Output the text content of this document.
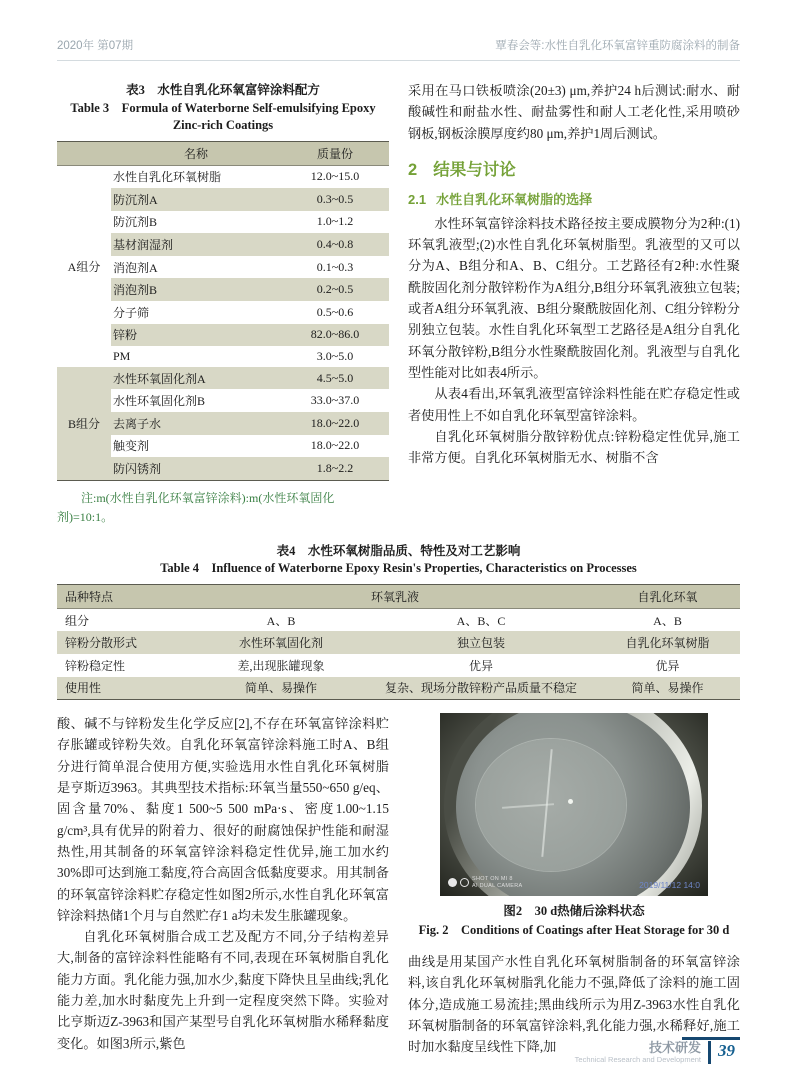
2020年 第07期	覃春会等:水性自乳化环氧富锌重防腐涂料的制备
表3　水性自乳化环氧富锌涂料配方
Table 3　Formula of Waterborne Self-emulsifying Epoxy
Zinc-rich Coatings
	名称	质量份
A组分	水性自乳化环氧树脂	12.0~15.0
	防沉剂A	0.3~0.5
	防沉剂B	1.0~1.2
	基材润湿剂	0.4~0.8
	消泡剂A	0.1~0.3
	消泡剂B	0.2~0.5
	分子筛	0.5~0.6
	锌粉	82.0~86.0
	PM	3.0~5.0
B组分	水性环氧固化剂A	4.5~5.0
	水性环氧固化剂B	33.0~37.0
	去离子水	18.0~22.0
	触变剂	18.0~22.0
	防闪锈剂	1.8~2.2

注:m(水性自乳化环氧富锌涂料):m(水性环氧固化剂)=10:1。

采用在马口铁板喷涂(20±3) μm,养护24 h后测试:耐水、耐酸碱性和耐盐水性、耐盐雾性和耐人工老化性,采用喷砂钢板,钢板涂膜厚度约80 μm,养护1周后测试。

2 结果与讨论
2.1 水性自乳化环氧树脂的选择

水性环氧富锌涂料技术路径按主要成膜物分为2种:(1)环氧乳液型;(2)水性自乳化环氧树脂型。乳液型的又可以分为A、B组分和A、B、C组分。工艺路径有2种:水性聚酰胺固化剂分散锌粉作为A组分,B组分环氧乳液独立包装;或者A组分环氧乳液、B组分聚酰胺固化剂、C组分锌粉分别独立包装。水性自乳化环氧型工艺路径是A组分自乳化环氧分散锌粉,B组分水性聚酰胺固化剂。乳液型与自乳化型性能对比如表4所示。

从表4看出,环氧乳液型富锌涂料性能在贮存稳定性或者使用性上不如自乳化环氧型富锌涂料。

自乳化环氧树脂分散锌粉优点:锌粉稳定性优异,施工非常方便。自乳化环氧树脂无水、树脂不含

表4　水性环氧树脂品质、特性及对工艺影响
Table 4　Influence of Waterborne Epoxy Resin's Properties, Characteristics on Processes
品种特点	环氧乳液		自乳化环氧
组分	A、B	A、B、C	A、B
锌粉分散形式	水性环氧固化剂	独立包装	自乳化环氧树脂
锌粉稳定性	差,出现胀罐现象	优异	优异
使用性	简单、易操作	复杂、现场分散锌粉产品质量不稳定	简单、易操作

酸、碱不与锌粉发生化学反应[2],不存在环氧富锌涂料贮存胀罐或锌粉失效。自乳化环氧富锌涂料施工时A、B组分进行简单混合使用方便,实验选用水性自乳化环氧树脂是亨斯迈3963。其典型技术指标:环氧当量550~650 g/eq、固含量70%、黏度1 500~5 500 mPa·s、密度1.00~1.15 g/cm³,具有优异的附着力、很好的耐腐蚀保护性能和耐湿热性,用其制备的环氧富锌涂料稳定性优异,施工加水约30%即可达到施工黏度,符合高固含低黏度要求。用其制备的环氧富锌涂料贮存稳定性如图2所示,水性自乳化环氧富锌涂料热储1个月与自然贮存1 a均未发生胀罐现象。

自乳化环氧树脂合成工艺及配方不同,分子结构差异大,制备的富锌涂料性能略有不同,表现在环氧树脂自乳化能力方面。乳化能力强,加水少,黏度下降快且呈曲线;乳化能力差,加水时黏度先上升到一定程度突然下降。实验对比亨斯迈Z-3963和国产某型号自乳化环氧树脂水稀释黏度变化。如图3所示,紫色

SHOT ON MI 8
AI DUAL CAMERA	2019/11/12 14:0
图2　30 d热储后涂料状态
Fig. 2　Conditions of Coatings after Heat Storage for 30 d

曲线是用某国产水性自乳化环氧树脂制备的环氧富锌涂料,该自乳化环氧树脂乳化能力不强,降低了涂料的施工固体分,造成施工易流挂;黑曲线所示为用Z-3963水性自乳化环氧树脂制备的环氧富锌涂料,乳化能力强,水稀释好,施工时加水黏度呈线性下降,加	技术研发
Technical Research and Development	39
